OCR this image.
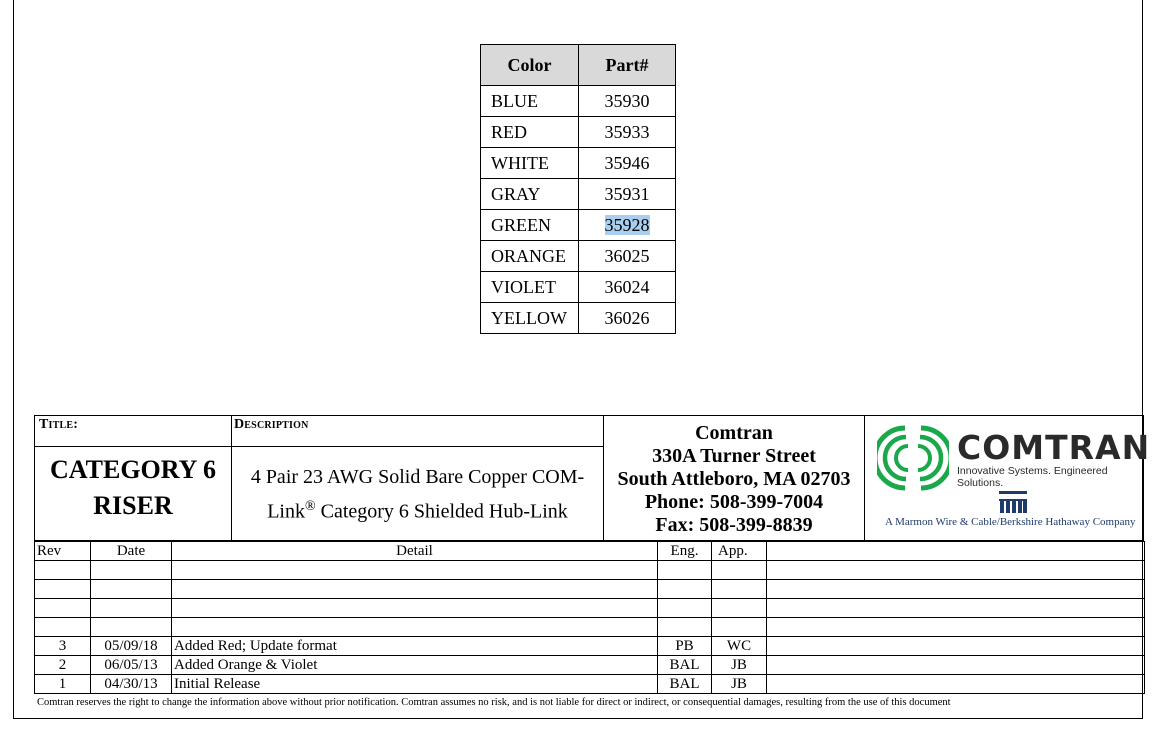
Color	Part#
BLUE	35930
RED	35933
WHITE	35946
GRAY	35931
GREEN	35928
ORANGE	36025
VIOLET	36024
YELLOW	36026
Title:
CATEGORY 6
RISER
Description
4 Pair 23 AWG Solid Bare Copper COM-
Link® Category 6 Shielded Hub-Link
Comtran
330A Turner Street
South Attleboro, MA 02703
Phone: 508-399-7004
Fax: 508-399-8839
COMTRAN
Innovative Systems. Engineered Solutions.
A Marmon Wire & Cable/Berkshire Hathaway Company
Rev	Date	Detail	Eng.	App.	

3	05/09/18	Added Red; Update format	PB	WC	
2	06/05/13	Added Orange & Violet	BAL	JB	
1	04/30/13	Initial Release	BAL	JB	
Comtran reserves the right to change the information above without prior notification. Comtran assumes no risk, and is not liable for direct or indirect, or consequential damages, resulting from the use of this document
